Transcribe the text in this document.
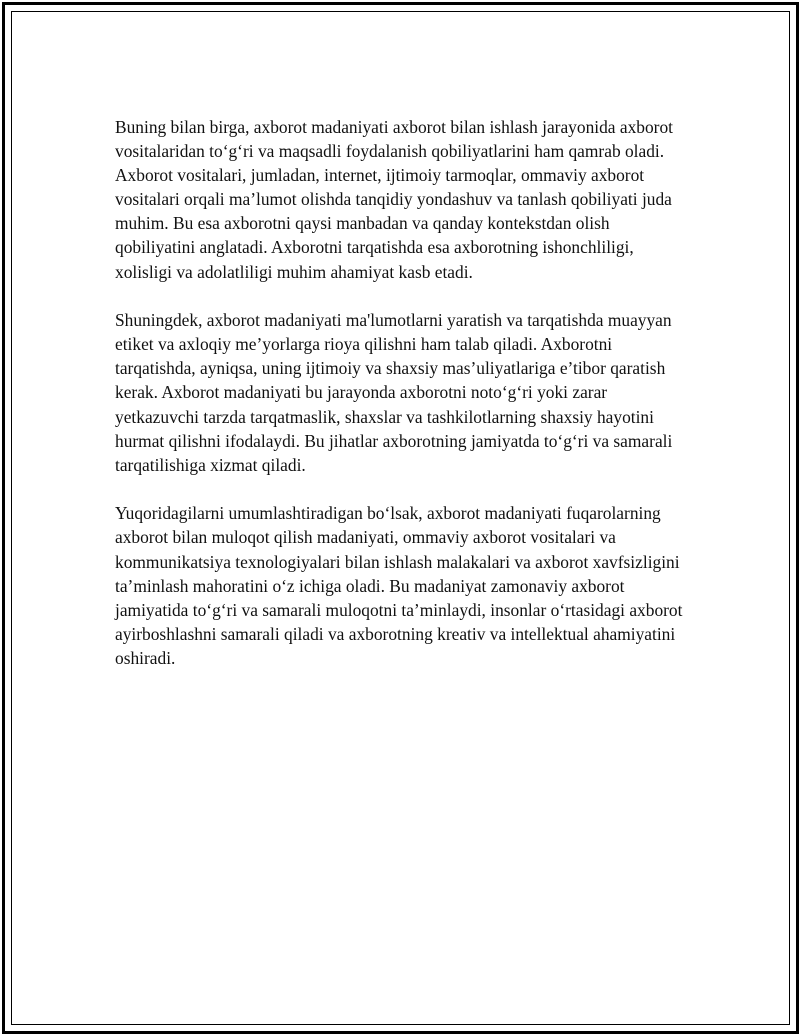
Buning bilan birga, axborot madaniyati axborot bilan ishlash jarayonida axborot vositalaridan to‘g‘ri va maqsadli foydalanish qobiliyatlarini ham qamrab oladi. Axborot vositalari, jumladan, internet, ijtimoiy tarmoqlar, ommaviy axborot vositalari orqali ma’lumot olishda tanqidiy yondashuv va tanlash qobiliyati juda muhim. Bu esa axborotni qaysi manbadan va qanday kontekstdan olish qobiliyatini anglatadi. Axborotni tarqatishda esa axborotning ishonchliligi, xolisligi va adolatliligi muhim ahamiyat kasb etadi.

Shuningdek, axborot madaniyati ma'lumotlarni yaratish va tarqatishda muayyan etiket va axloqiy me’yorlarga rioya qilishni ham talab qiladi. Axborotni tarqatishda, ayniqsa, uning ijtimoiy va shaxsiy mas’uliyatlariga e’tibor qaratish kerak. Axborot madaniyati bu jarayonda axborotni noto‘g‘ri yoki zarar yetkazuvchi tarzda tarqatmaslik, shaxslar va tashkilotlarning shaxsiy hayotini hurmat qilishni ifodalaydi. Bu jihatlar axborotning jamiyatda to‘g‘ri va samarali tarqatilishiga xizmat qiladi.

Yuqoridagilarni umumlashtiradigan bo‘lsak, axborot madaniyati fuqarolarning axborot bilan muloqot qilish madaniyati, ommaviy axborot vositalari va kommunikatsiya texnologiyalari bilan ishlash malakalari va axborot xavfsizligini ta’minlash mahoratini o‘z ichiga oladi. Bu madaniyat zamonaviy axborot jamiyatida to‘g‘ri va samarali muloqotni ta’minlaydi, insonlar o‘rtasidagi axborot ayirboshlashni samarali qiladi va axborotning kreativ va intellektual ahamiyatini oshiradi.
